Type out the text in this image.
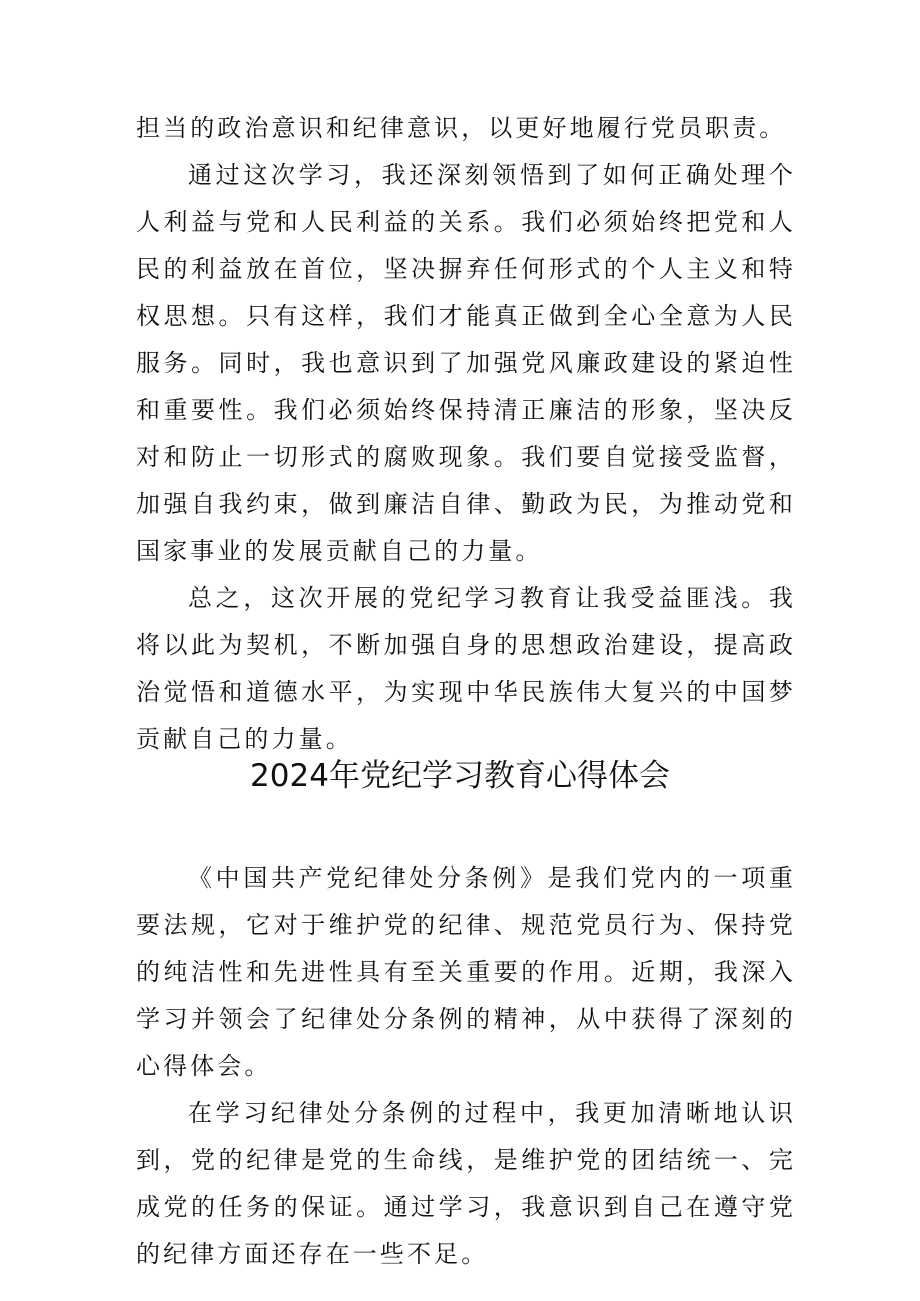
担当的政治意识和纪律意识，以更好地履行党员职责。

通过这次学习，我还深刻领悟到了如何正确处理个人利益与党和人民利益的关系。我们必须始终把党和人民的利益放在首位，坚决摒弃任何形式的个人主义和特权思想。只有这样，我们才能真正做到全心全意为人民服务。同时，我也意识到了加强党风廉政建设的紧迫性和重要性。我们必须始终保持清正廉洁的形象，坚决反对和防止一切形式的腐败现象。我们要自觉接受监督，加强自我约束，做到廉洁自律、勤政为民，为推动党和国家事业的发展贡献自己的力量。

总之，这次开展的党纪学习教育让我受益匪浅。我将以此为契机，不断加强自身的思想政治建设，提高政治觉悟和道德水平，为实现中华民族伟大复兴的中国梦贡献自己的力量。

2024年党纪学习教育心得体会

《中国共产党纪律处分条例》是我们党内的一项重要法规，它对于维护党的纪律、规范党员行为、保持党的纯洁性和先进性具有至关重要的作用。近期，我深入学习并领会了纪律处分条例的精神，从中获得了深刻的心得体会。

在学习纪律处分条例的过程中，我更加清晰地认识到，党的纪律是党的生命线，是维护党的团结统一、完成党的任务的保证。通过学习，我意识到自己在遵守党的纪律方面还存在一些不足。
